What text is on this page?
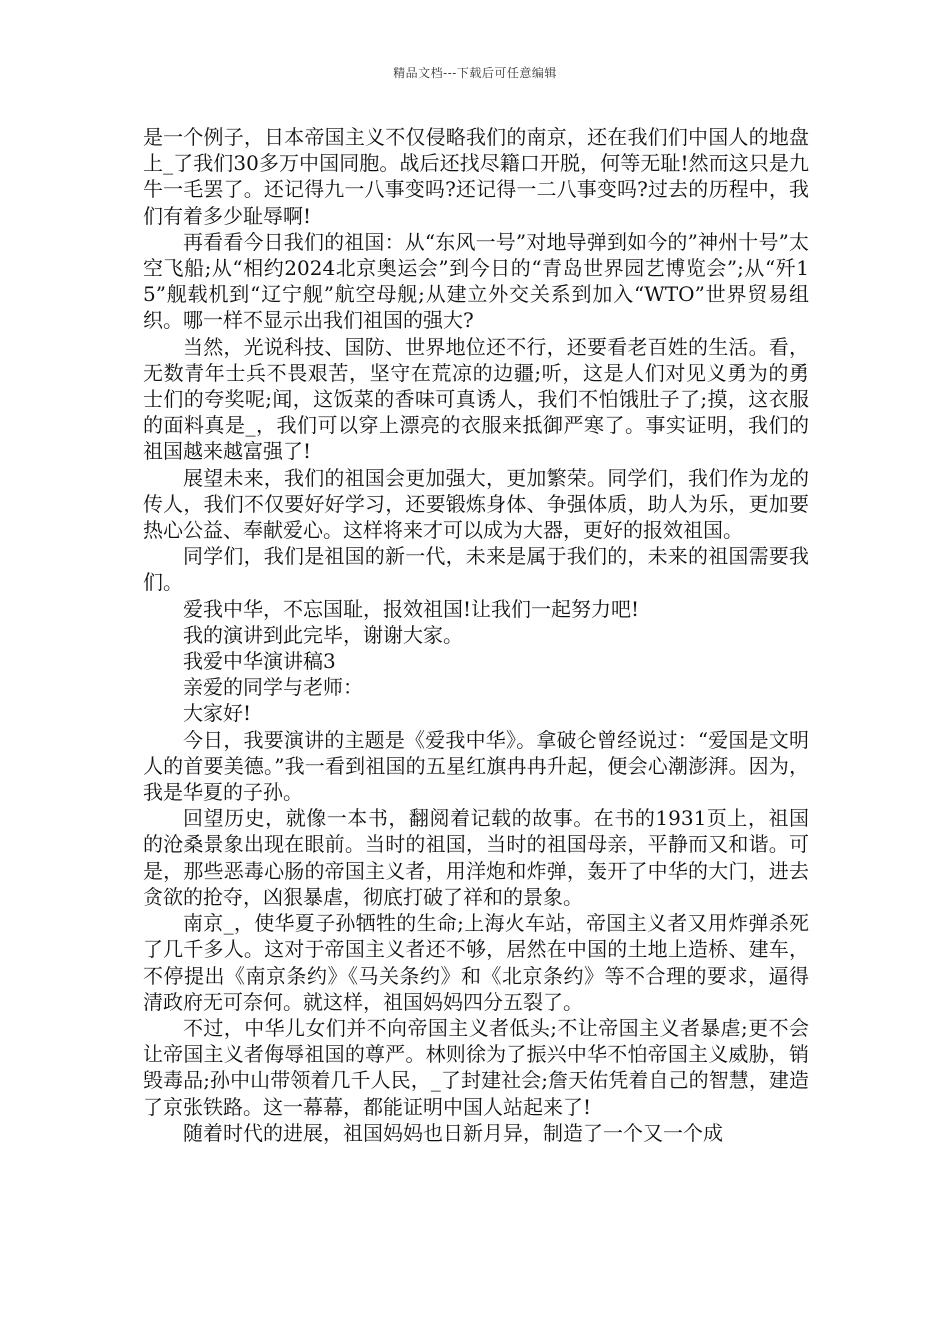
精品文档---下载后可任意编辑

是一个例子，日本帝国主义不仅侵略我们的南京，还在我们们中国人的地盘上_了我们30多万中国同胞。战后还找尽籍口开脱，何等无耻!然而这只是九牛一毛罢了。还记得九一八事变吗?还记得一二八事变吗?过去的历程中，我们有着多少耻辱啊!

再看看今日我们的祖国：从“东风一号”对地导弹到如今的”神州十号”太空飞船;从“相约2024北京奥运会”到今日的“青岛世界园艺博览会”;从“歼15”舰载机到“辽宁舰”航空母舰;从建立外交关系到加入“WTO”世界贸易组织。哪一样不显示出我们祖国的强大?

当然，光说科技、国防、世界地位还不行，还要看老百姓的生活。看，无数青年士兵不畏艰苦，坚守在荒凉的边疆;听，这是人们对见义勇为的勇士们的夸奖呢;闻，这饭菜的香味可真诱人，我们不怕饿肚子了;摸，这衣服的面料真是_，我们可以穿上漂亮的衣服来抵御严寒了。事实证明，我们的祖国越来越富强了!

展望未来，我们的祖国会更加强大，更加繁荣。同学们，我们作为龙的传人，我们不仅要好好学习，还要锻炼身体、争强体质，助人为乐，更加要热心公益、奉献爱心。这样将来才可以成为大器，更好的报效祖国。

同学们，我们是祖国的新一代，未来是属于我们的，未来的祖国需要我们。

爱我中华，不忘国耻，报效祖国!让我们一起努力吧!

我的演讲到此完毕，谢谢大家。

我爱中华演讲稿3

亲爱的同学与老师：

大家好!

今日，我要演讲的主题是《爱我中华》。拿破仑曾经说过：“爱国是文明人的首要美德。”我一看到祖国的五星红旗冉冉升起，便会心潮澎湃。因为，我是华夏的子孙。

回望历史，就像一本书，翻阅着记载的故事。在书的1931页上，祖国的沧桑景象出现在眼前。当时的祖国，当时的祖国母亲，平静而又和谐。可是，那些恶毒心肠的帝国主义者，用洋炮和炸弹，轰开了中华的大门，进去贪欲的抢夺，凶狠暴虐，彻底打破了祥和的景象。

南京_，使华夏子孙牺牲的生命;上海火车站，帝国主义者又用炸弹杀死了几千多人。这对于帝国主义者还不够，居然在中国的土地上造桥、建车，不停提出《南京条约》《马关条约》和《北京条约》等不合理的要求，逼得清政府无可奈何。就这样，祖国妈妈四分五裂了。

不过，中华儿女们并不向帝国主义者低头;不让帝国主义者暴虐;更不会让帝国主义者侮辱祖国的尊严。林则徐为了振兴中华不怕帝国主义威胁，销毁毒品;孙中山带领着几千人民，_了封建社会;詹天佑凭着自己的智慧，建造了京张铁路。这一幕幕，都能证明中国人站起来了!

随着时代的进展，祖国妈妈也日新月异，制造了一个又一个成
